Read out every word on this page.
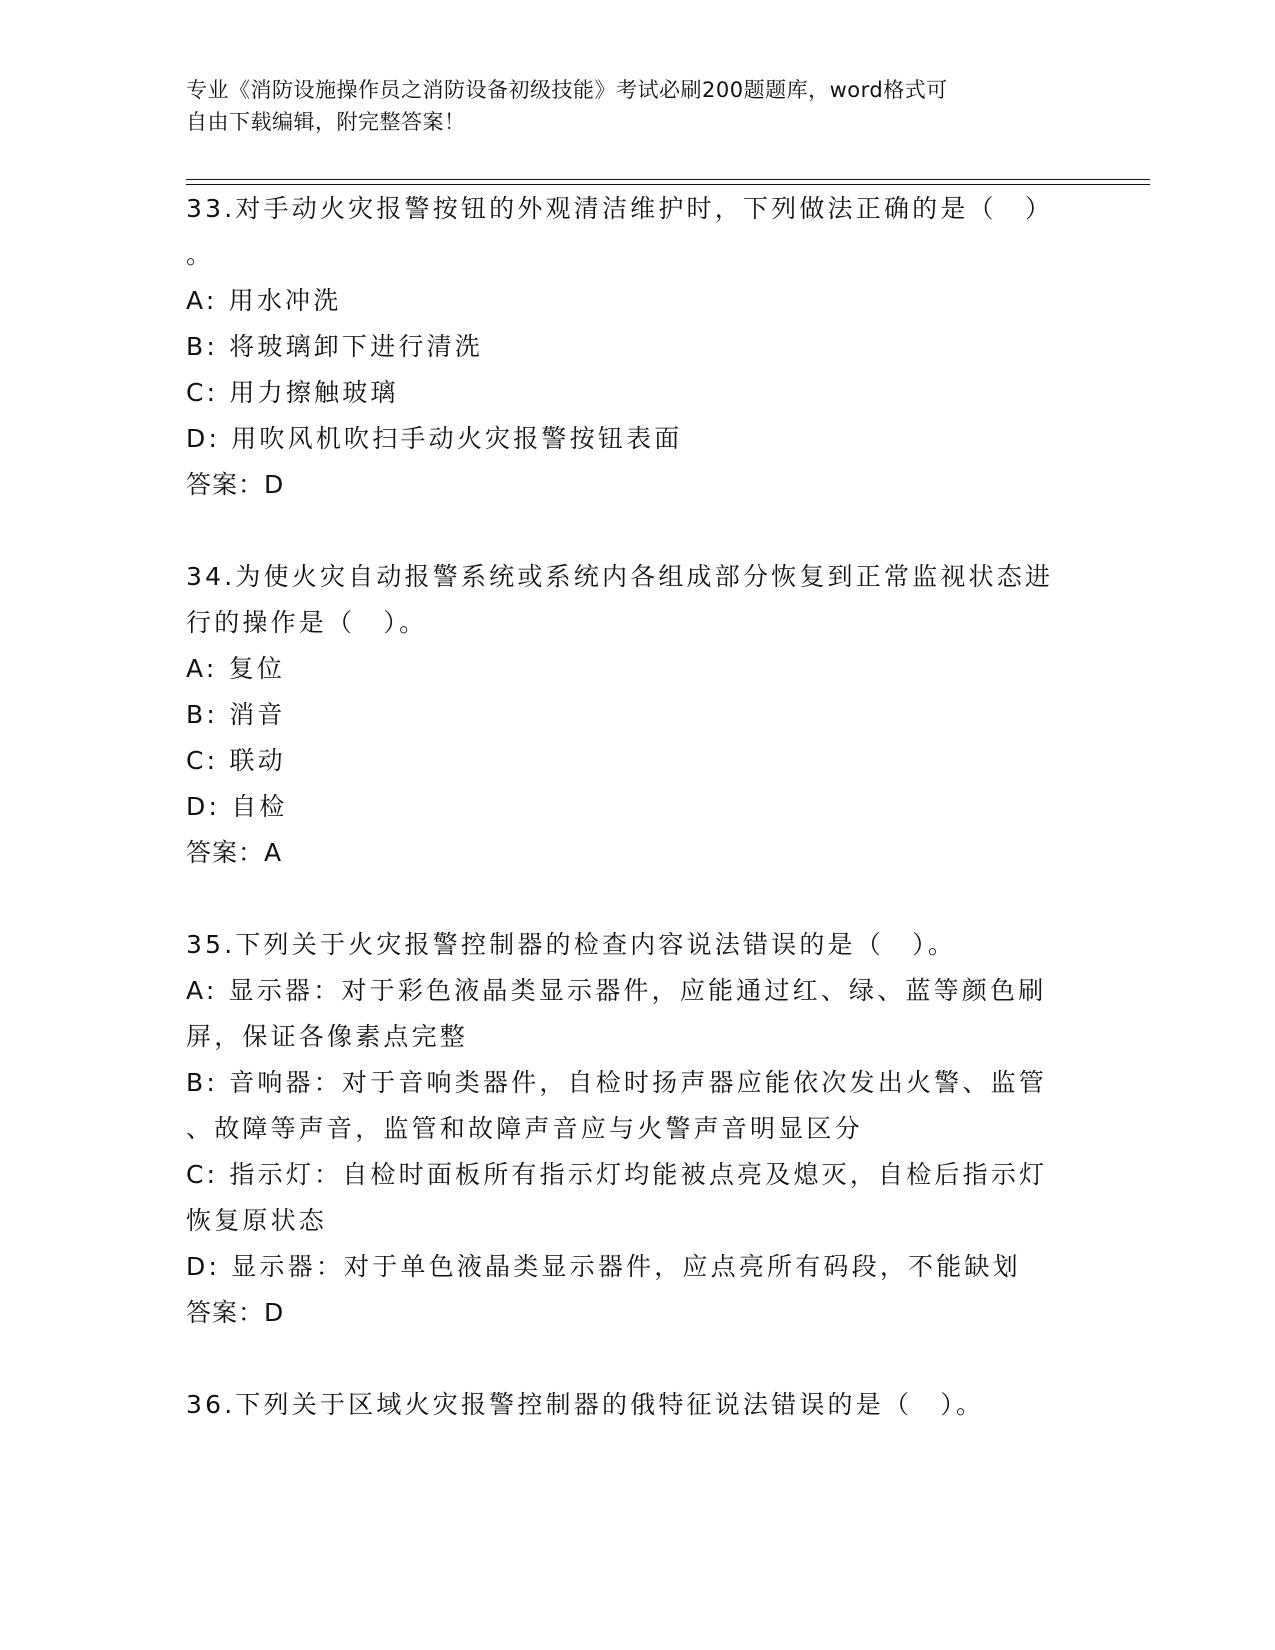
专业《消防设施操作员之消防设备初级技能》考试必刷200题题库，word格式可
自由下载编辑，附完整答案！
33.对手动火灾报警按钮的外观清洁维护时，下列做法正确的是（　）
。
A: 用水冲洗
B: 将玻璃卸下进行清洗
C: 用力擦触玻璃
D: 用吹风机吹扫手动火灾报警按钮表面
答案：D
34.为使火灾自动报警系统或系统内各组成部分恢复到正常监视状态进
行的操作是（　）。
A: 复位
B: 消音
C: 联动
D: 自检
答案：A
35.下列关于火灾报警控制器的检查内容说法错误的是（　）。
A: 显示器：对于彩色液晶类显示器件，应能通过红、绿、蓝等颜色刷
屏，保证各像素点完整
B: 音响器：对于音响类器件，自检时扬声器应能依次发出火警、监管
、故障等声音，监管和故障声音应与火警声音明显区分
C: 指示灯：自检时面板所有指示灯均能被点亮及熄灭，自检后指示灯
恢复原状态
D: 显示器：对于单色液晶类显示器件，应点亮所有码段，不能缺划
答案：D
36.下列关于区域火灾报警控制器的俄特征说法错误的是（　）。
